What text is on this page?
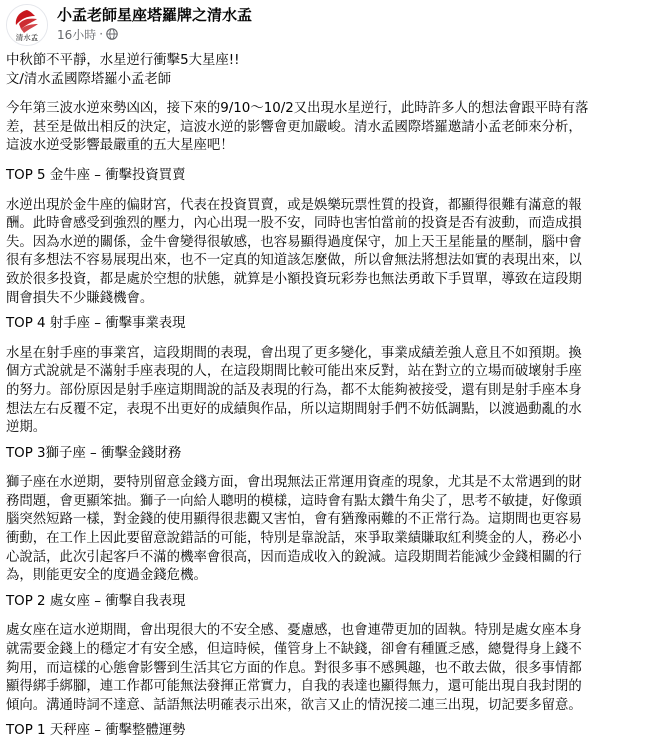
清水孟
小孟老師星座塔羅牌之清水孟
16小時 ·

中秋節不平靜，水星逆行衝擊5大星座!!
文/清水孟國際塔羅小孟老師

今年第三波水逆來勢凶凶，接下來的9/10～10/2又出現水星逆行，此時許多人的想法會跟平時有落
差，甚至是做出相反的決定，這波水逆的影響會更加嚴峻。清水孟國際塔羅邀請小孟老師來分析，
這波水逆受影響最嚴重的五大星座吧！

TOP 5 金牛座 – 衝擊投資買賣

水逆出現於金牛座的偏財宮，代表在投資買賣，或是娛樂玩票性質的投資，都顯得很難有滿意的報
酬。此時會感受到強烈的壓力，內心出現一股不安，同時也害怕當前的投資是否有波動，而造成損
失。因為水逆的關係，金牛會變得很敏感，也容易顯得過度保守，加上天王星能量的壓制，腦中會
很有多想法不容易展現出來，也不一定真的知道該怎麼做，所以會無法將想法如實的表現出來，以
致於很多投資，都是處於空想的狀態，就算是小額投資玩彩券也無法勇敢下手買單，導致在這段期
間會損失不少賺錢機會。

TOP 4 射手座 – 衝擊事業表現

水星在射手座的事業宮，這段期間的表現，會出現了更多變化，事業成績差強人意且不如預期。換
個方式說就是不滿射手座表現的人，在這段期間比較可能出來反對，站在對立的立場而破壞射手座
的努力。部份原因是射手座這期間說的話及表現的行為，都不太能夠被接受，還有則是射手座本身
想法左右反覆不定，表現不出更好的成績與作品，所以這期間射手們不妨低調點，以渡過動亂的水
逆期。

TOP 3獅子座 – 衝擊金錢財務

獅子座在水逆期，要特別留意金錢方面，會出現無法正常運用資產的現象，尤其是不太常遇到的財
務問題，會更顯笨拙。獅子一向給人聰明的模樣，這時會有點太鑽牛角尖了，思考不敏捷，好像頭
腦突然短路一樣，對金錢的使用顯得很悲觀又害怕，會有猶豫兩難的不正常行為。這期間也更容易
衝動，在工作上因此要留意說錯話的可能，特別是靠說話，來爭取業績賺取紅利獎金的人，務必小
心說話，此次引起客戶不滿的機率會很高，因而造成收入的銳減。這段期間若能減少金錢相關的行
為，則能更安全的度過金錢危機。

TOP 2 處女座 – 衝擊自我表現

處女座在這水逆期間，會出現很大的不安全感、憂慮感，也會連帶更加的固執。特別是處女座本身
就需要金錢上的穩定才有安全感，但這時候，僅管身上不缺錢，卻會有種匱乏感，總覺得身上錢不
夠用，而這樣的心態會影響到生活其它方面的作息。對很多事不感興趣，也不敢去做，很多事情都
顯得綁手綁腳，連工作都可能無法發揮正常實力，自我的表達也顯得無力，還可能出現自我封閉的
傾向。溝通時詞不達意、話語無法明確表示出來，欲言又止的情況接二連三出現，切記要多留意。

TOP 1 天秤座 – 衝擊整體運勢
